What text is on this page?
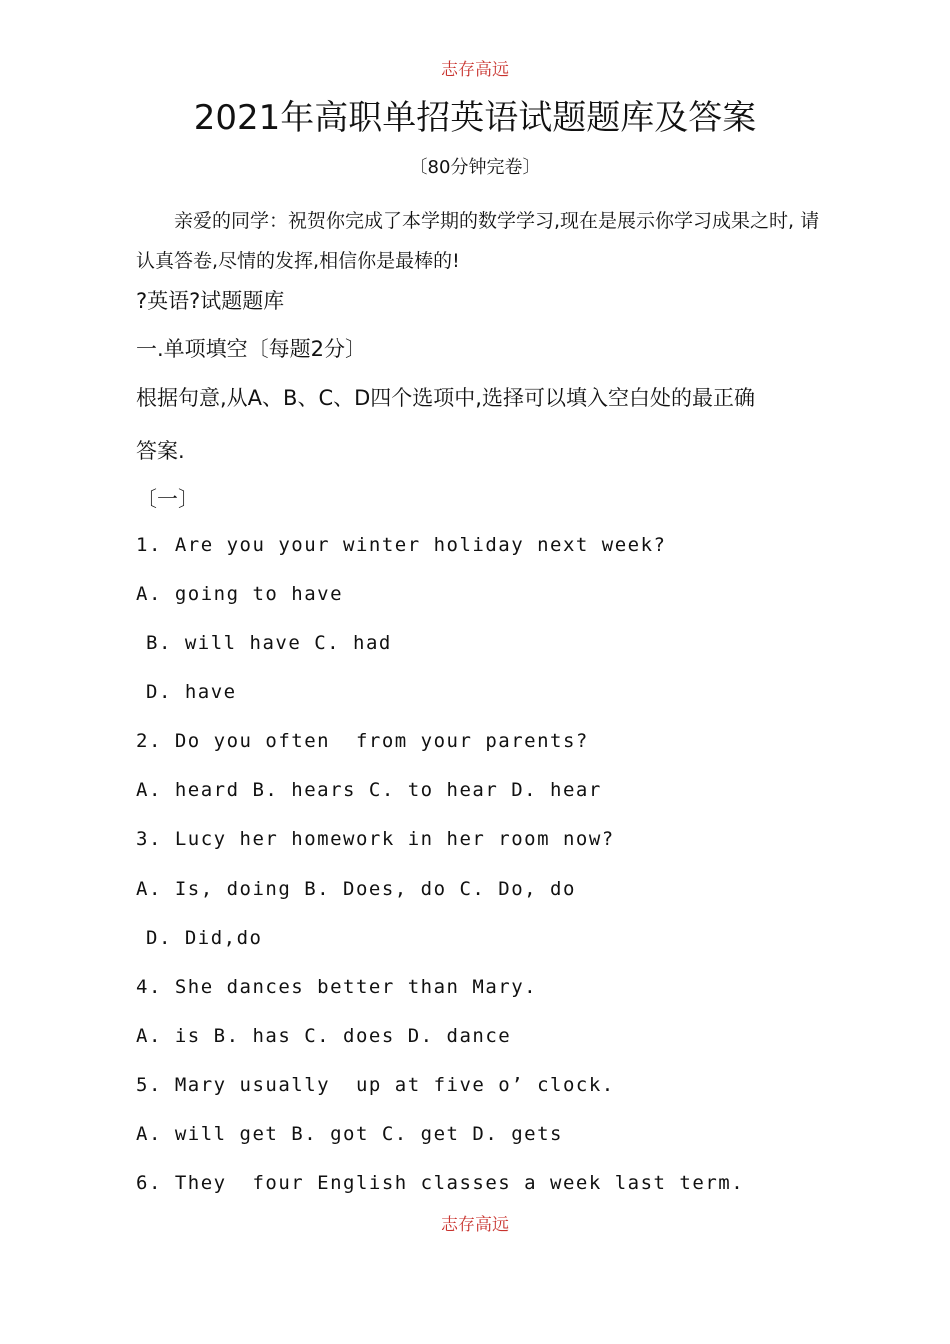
志存高远
2021年高职单招英语试题题库及答案
〔80分钟完卷〕
　　亲爱的同学：祝贺你完成了本学期的数学学习,现在是展示你学习成果之时, 请
认真答卷,尽情的发挥,相信你是最棒的!
?英语?试题题库
一.单项填空〔每题2分〕
根据句意,从A、B、C、D四个选项中,选择可以填入空白处的最正确
答案.
〔一〕
1. Are you your winter holiday next week?
A. going to have
B. will have C. had
D. have
2. Do you often  from your parents?
A. heard B. hears C. to hear D. hear
3. Lucy her homework in her room now?
A. Is, doing B. Does, do C. Do, do
D. Did,do
4. She dances better than Mary.
A. is B. has C. does D. dance
5. Mary usually  up at five o’ clock.
A. will get B. got C. get D. gets
6. They  four English classes a week last term.
志存高远
